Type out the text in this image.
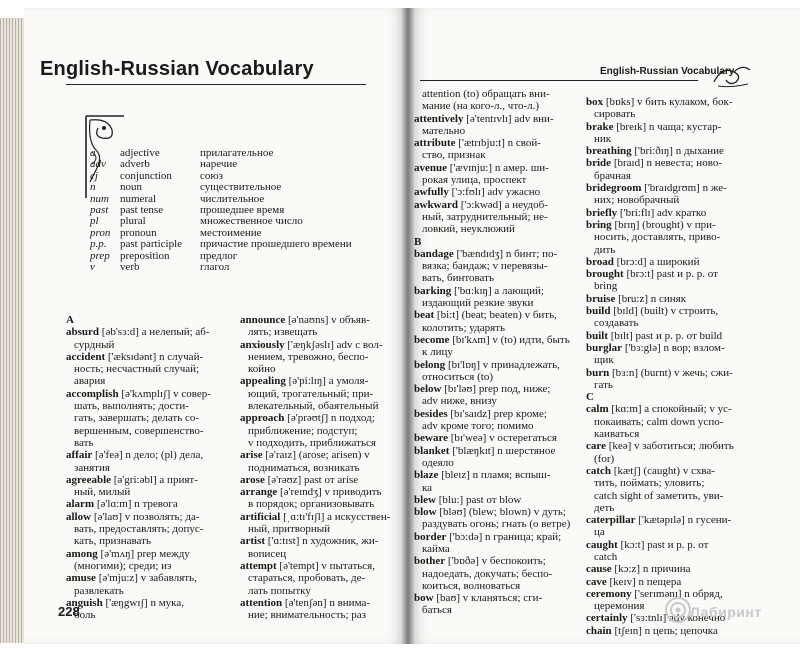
English-Russian Vocabulary
a adjective	прилагательное
adv adverb	наречие
cj conjunction	союз
n noun	существительное
num numeral	числительное
past past tense	прошедшее время
pl plural	множественное число
pron pronoun	местоимение
p.p. past participle причастие прошедшего времени
prep preposition	предлог
v verb	глагол
A
absurd [əb'sɜ:d] a нелепый; аб-
сурдный
accident ['æksɪdənt] n случай-
ность; несчастный случай;
авария
accomplish [ə'kʌmplɪʃ] v совер-
шать, выполнять; дости-
гать, завершать; делать со-
вершенным, совершенство-
вать
affair [ə'feə] n дело; (pl) дела,
занятия
agreeable [ə'gri:əbl] a прият-
ный, милый
alarm [ə'lɑ:m] n тревога
allow [ə'laʊ] v позволять; да-
вать, предоставлять; допус-
кать, признавать
among [ə'mʌŋ] prep между
(многими); среди; из
amuse [ə'mju:z] v забавлять,
развлекать
anguish ['æŋgwɪʃ] n мука,
боль
announce [ə'naʊns] v объяв-
лять; извещать
anxiously ['æŋkʃəslɪ] adv с вол-
нением, тревожно, беспо-
койно
appealing [ə'pi:lɪŋ] a умоля-
ющий, трогательный; при-
влекательный, обаятельный
approach [ə'prəʊtʃ] n подход;
приближение; подступ;
v подходить, приближаться
arise [ə'raɪz] (arose; arisen) v
подниматься, возникать
arose [ə'rəʊz] past от arise
arrange [ə'reɪndʒ] v приводить
в порядок; организовывать
artificial [ˌɑ:tɪ'fɪʃl] a искусствен-
ный, притворный
artist ['ɑ:tɪst] n художник, жи-
вописец
attempt [ə'tempt] v пытаться,
стараться, пробовать, де-
лать попытку
attention [ə'tenʃən] n внима-
ние; внимательность; раз
228
English-Russian Vocabulary
attention (to) обращать вни-
мание (на кого-л., что-л.)
attentively [ə'tentɪvlɪ] adv вни-
мательно
attribute ['ætrɪbju:t] n свой-
ство, признак
avenue ['ævɪnju:] n амер. ши-
рокая улица, проспект
awfully ['ɔ:fʊlɪ] adv ужасно
awkward ['ɔ:kwəd] a неудоб-
ный, затруднительный; не-
ловкий, неуклюжий
B
bandage ['bændɪdʒ] n бинт; по-
вязка; бандаж; v перевязы-
вать, бинтовать
barking ['bɑ:kɪŋ] a лающий;
издающий резкие звуки
beat [bi:t] (beat; beaten) v бить,
колотить; ударять
become [bɪ'kʌm] v (to) идти, быть
к лицу
belong [bɪ'lɒŋ] v принадлежать,
относиться (to)
below [bɪ'ləʊ] prep под, ниже;
adv ниже, внизу
besides [bɪ'saɪdz] prep кроме;
adv кроме того; помимо
beware [bɪ'weə] v остерегаться
blanket ['blæŋkɪt] n шерстяное
одеяло
blaze [bleɪz] n пламя; вспыш-
ка
blew [blu:] past от blow
blow [bləʊ] (blew; blown) v дуть;
раздувать огонь; гнать (о ветре)
border ['bɔ:də] n граница; край;
кайма
bother ['bɒðə] v беспокоить;
надоедать, докучать; беспо-
коиться, волноваться
bow [baʊ] v кланяться; сги-
баться
box [bɒks] v бить кулаком, бок-
сировать
brake [breɪk] n чаща; кустар-
ник
breathing ['bri:ðɪŋ] n дыхание
bride [braɪd] n невеста; ново-
брачная
bridegroom ['braɪdgrʊm] n же-
них; новобрачный
briefly ['bri:flɪ] adv кратко
bring [brɪŋ] (brought) v при-
носить, доставлять, приво-
дить
broad [brɔ:d] a широкий
brought [brɔ:t] past и p. p. от
bring
bruise [bru:z] n синяк
build [bɪld] (built) v строить,
создавать
built [bɪlt] past и p. p. от build
burglar ['bɜ:glə] n вор; взлом-
щик
burn [bɜ:n] (burnt) v жечь; сжи-
гать
C
calm [kɑ:m] a спокойный; v ус-
покаивать; calm down успо-
каиваться
care [keə] v заботиться; любить
(for)
catch [kætʃ] (caught) v схва-
тить, поймать; уловить;
catch sight of заметить, уви-
деть
caterpillar ['kætəpɪlə] n гусени-
ца
caught [kɔ:t] past и p. p. от
catch
cause [kɔ:z] n причина
cave [keɪv] n пещера
ceremony ['serɪmənɪ] n обряд,
церемония
certainly ['sɜ:tnlɪ] adv конечно
chain [tʃeɪn] n цепь; цепочка
Лабиринт
